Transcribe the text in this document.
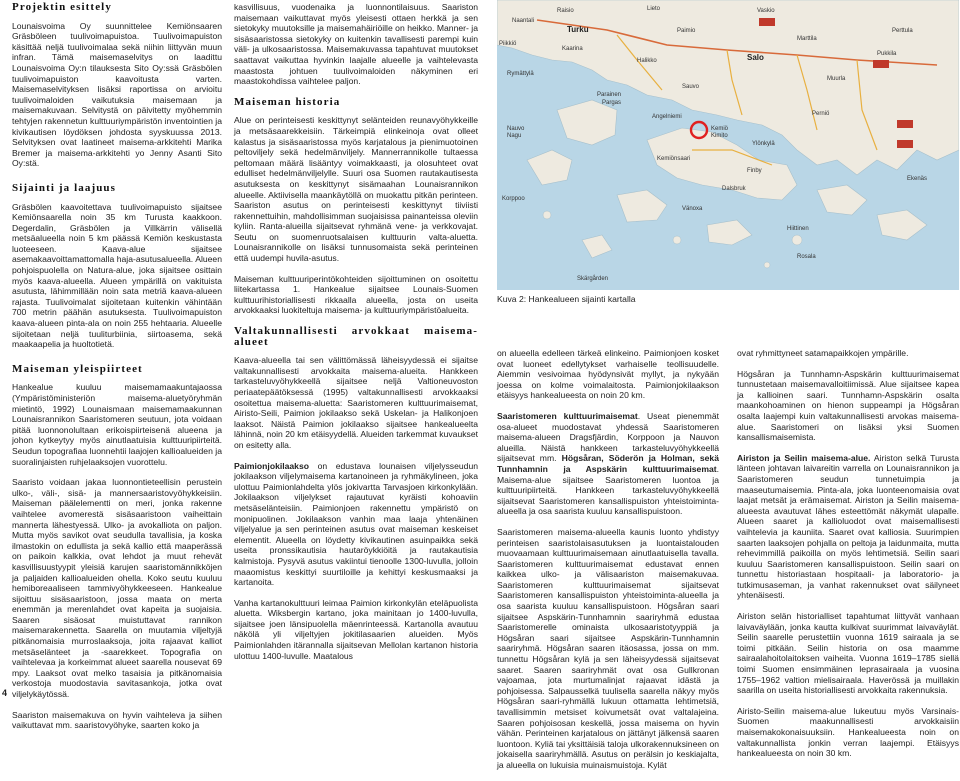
Projektin esittely

Lounaisvoima Oy suunnittelee Kemiönsaaren Gräsböleen tuulivoimapuistoa. Tuulivoimapuiston käsittää neljä tuulivoimalaa sekä niihin liittyvän muun infran. Tämä maisemaselvitys on laadittu Lounaisvoima Oy:n tilauksesta Sito Oy:ssä Gräsbölen tuulivoimapuiston kaavoitusta varten. Maisemaselvityksen lisäksi raportissa on arvioitu tuulivoimaloiden vaikutuksia maisemaan ja maisemakuvaan. Selvitystä on päivitetty myöhemmin tehtyjen rakennetun kulttuuriympäristön inventointien ja kivikautisen löydöksen johdosta syyskuussa 2013. Selvityksen ovat laatineet maisema-arkkitehti Marika Bremer ja maisema-arkkitehti yo Jenny Asanti Sito Oy:stä.

Sijainti ja laajuus

Gräsbölen kaavoitettava tuulivoimapuisto sijaitsee Kemiönsaarella noin 35 km Turusta kaakkoon. Degerdalin, Gräsbölen ja Villkärrin välisellä metsäalueella noin 5 km päässä Kemiön keskustasta luoteeseen. Kaava-alue sijaitsee asemakaavoittamattomalla haja-asutusalueella. Alueen pohjoispuolella on Natura-alue, joka sijaitsee osittain myös kaava-alueella. Alueen ympärillä on vakituista asutusta, lähimmillään noin sata metriä kaava-alueen rajasta. Tuulivoimalat sijoitetaan kuitenkin vähintään 700 metrin päähän asutuksesta. Tuulivoimapuiston kaava-alueen pinta-ala on noin 255 hehtaaria. Alueelle sijoitetaan neljä tuuliturbiinia, siirtoasema, sekä maakaapelia ja huoltotietä.

Maiseman yleispiirteet

Hankealue kuuluu maisemamaakuntajaossa (Ympäristöministeriön maisema-aluetyöryhmän mietintö, 1992) Lounaismaan maisemamaakunnan Lounaisrannikon Saaristomeren seutuun, jota voidaan pitää luonnonolultaan erikoispiirteisenä alueena ja johon kytkeytyy myös ainutlaatuisia kulttuuripiirteitä. Seudun topografiaa luonnehtii laajojen kallioalueiden ja suoralinjaisten ruhjelaaksojen vuorottelu.

Saaristo voidaan jakaa luonnontieteellisin perustein ulko-, väli-, sisä- ja mannersaaristovyöhykkeisiin. Maiseman päälelementti on meri, jonka rakenne vaihtelee avomerestä sisäsaaristoon vaiheittain mannerta lähestyessä. Ulko- ja avokalliota on paljon. Mutta myös savikot ovat seudulla tavallisia, ja koska ilmastokin on edullista ja sekä kallio että maaperässä on paikoin kalkkia, ovat lehdot ja muut rehevät kasvillisuustyypit yleisiä karujen saaristomännikköjen ja paljaiden kallioalueiden ohella. Koko seutu kuuluu hemiboreaaliseen tammivyöhykkeeseen. Hankealue sijoittuu sisäsaaristoon, jossa maata on merta enemmän ja merenlahdet ovat kapeita ja suojaisia. Saaren sisäosat muistuttavat rannikon maisemarakennetta. Saarella on muutamia viljeltyjä pitkänomaisia murroslaaksoja, joita rajaavat kalliot metsäselänteet ja -saarekkeet. Topografia on vaihtelevaa ja korkeimmat alueet saarella nousevat 69 mpy. Laaksot ovat melko tasaisia ja pitkänomaisia verkostoja muodostavia savitasankoja, jotka ovat viljelykäytössä.

Saariston maisemakuva on hyvin vaihteleva ja siihen vaikuttavat mm. saaristovyöhyke, saarten koko ja

kasvillisuus, vuodenaika ja luonnontilaisuus. Saariston maisemaan vaikuttavat myös yleisesti ottaen herkkä ja sen sietokyky muutoksille ja maisemahäiriöille on heikko. Manner- ja sisäsaaristossa sietokyky on kuitenkin tavallisesti parempi kuin väli- ja ulkosaaristossa. Maisemakuvassa tapahtuvat muutokset saattavat vaikuttaa hyvinkin laajalle alueelle ja vaihtelevasta maastosta johtuen tuulivoimaloiden näkyminen eri maastokohdissa vaihtelee paljon.

Maiseman historia

Alue on perinteisesti keskittynyt selänteiden reunavyöhykkeille ja metsäsaarekkeisiin. Tärkeimpiä elinkeinoja ovat olleet kalastus ja sisäsaaristossa myös karjatalous ja pienimuotoinen peltoviljely sekä hedelmänviljely. Mannerrannikolle tultaessa peltomaan määrä lisääntyy voimakkaasti, ja olosuhteet ovat edulliset hedelmänviljelylle. Suuri osa Suomen rautakautisesta asutuksesta on keskittynyt sisämaahan Lounaisrannikon alueelle. Aktiivisella maankäytöllä on muokattu pitkän perinteen. Saariston asutus on perinteisesti keskittynyt tiiviisti rakennettuihin, mahdollisimman suojaisissa painanteissa oleviin kyliin. Ranta-alueilla sijaitsevat ryhmänä vene- ja verkkovajat. Seutu on suomenruotsalaisen kulttuurin valta-aluetta. Lounaisrannikolle on lisäksi tunnusomaista sekä perinteinen että uudempi huvila-asutus.

Maiseman kulttuuriperintökohteiden sijoittuminen on osoitettu liitekartassa 1. Hankealue sijaitsee Lounais-Suomen kulttuurihistoriallisesti rikkaalla alueella, josta on useita arvokkaaksi luokiteltuja maisema- ja kulttuuriympäristöalueita.

Valtakunnallisesti arvokkaat maisema-alueet

Kaava-alueella tai sen välittömässä läheisyydessä ei sijaitse valtakunnallisesti arvokkaita maisema-alueita. Hankkeen tarkasteluvyöhykkeellä sijaitsee neljä Valtioneuvoston periaatepäätöksessä (1995) valtakunnallisesti arvokkaaksi osoitettua maisema-aluetta: Saaristomeren kulttuurimaisemat, Airisto-Seili, Paimion jokilaakso sekä Uskelan- ja Halikonjoen laaksot. Näistä Paimion jokilaakso sijaitsee hankealueelta lähinnä, noin 20 km etäisyydellä. Alueiden tarkemmat kuvaukset on esitetty alla.

Paimionjokilaakso on edustava lounaisen viljelysseudun jokilaakson viljelymaisema kartanoineen ja ryhmäkylineen, joka ulottuu Paimionlahdelta ylös jokivartta Tarvasjoen kirkonkylään. Jokilaakson viljelykset rajautuvat kyräisti kohoaviin metsäselänteisiin. Paimionjoen rakennettu ympäristö on monipuolinen. Jokilaakson vanhin maa laaja yhtenäinen viljelyalue ja sen perinteinen asutus ovat maiseman keskeiset elementit. Alueella on löydetty kivikautinen asuinpaikka sekä useita pronssikautisia hautaröykkiöitä ja rautakautisia kalmistoja. Pysyvä asutus vakiintui tienoolle 1300-luvulla, jolloin maaomistus keskittyi suurtiloille ja kehittyi keskusmaaksi ja kartanoita.

Vanha kartanokulttuuri leimaa Paimion kirkonkylän eteläpuolista aluetta. Wiksbergin kartano, joka mainitaan jo 1400-luvulla, sijaitsee joen länsipuolella mäenrinteessä. Kartanolla avautuu näkölä yli viljeltyjen jokitilasaarien alueiden. Myös Paimionlahden itärannalla sijaitsevan Mellolan kartanon historia ulottuu 1400-luvulle. Maatalous

Raisio	Lieto
Naantali
Vaskio
Piikkiö
Turku	Paimio
Marttila
Kaarina
Halikko
Perttula
Salo	Pukkila
Muurla
Sauvo
Rymättylä
Parainen
Pargas
Kemiö
Kimito
Perniö
Ylönkylä
Finby
Dalsbruk
Nauvo
Nagu
Korppoo
Vänoxa
Hiittinen
Rosala
Angelniemi
Kemiönsaari
Ekenäs
Skärgården
Kuva 2: Hankealueen sijainti kartalla

on alueella edelleen tärkeä elinkeino. Paimionjoen kosket ovat luoneet edellytykset varhaiselle teollisuudelle. Aiemmin vesivoimaa hyödynsivät myllyt, ja nykyään joessa on kolme voimalaitosta. Paimionjokilaakson etäisyys hankealueesta on noin 20 km.

Saaristomeren kulttuurimaisemat. Useat pienemmät osa-alueet muodostavat yhdessä Saaristomeren maisema-alueen Dragsfjärdin, Korppoon ja Nauvon alueilla. Näistä hankkeen tarkasteluvyöhykkeellä sijaitsevat mm. Högsåran, Söderön ja Holman, sekä Tunnhamnin ja Aspskärin kulttuurimaisemat. Maisema-alue sijaitsee Saaristomeren luontoa ja kulttuuripiirteitä. Hankkeen tarkasteluvyöhykkeellä sijaitsevat Saaristomeren kansallispuiston yhteistoiminta-alueella ja osa saarista kuuluu kansallispuistoon.

Saaristomeren maisema-alueella kaunis luonto yhdistyy perinteisen saaristolaisasutuksen ja luontaistalouden muovaamaan kulttuurimaisemaan ainutlaatuisella tavalla. Saaristomeren kulttuurimaisemat edustavat ennen kaikkea ulko- ja välisaariston maisemakuvaa. Saaristomeren kulttuurimaisemat sijaitsevat Saaristomeren kansallispuiston yhteistoiminta-alueella ja osa saarista kuuluu kansallispuistoon. Högsåran saari sijaitsee Aspskärin-Tunnhamnin saariryhmä edustaa Saaristomerelle ominaista ulkosaaristotyyppiä ja Högsåran saari sijaitsee Aspskärin-Tunnhamnin saariryhmä. Högsåran saaren itäosassa, jossa on mm. tunnettu Högsåran kylä ja sen läheisyydessä sijaitsevat saaret. Saaren saariryhmät ovat osa Gullkronan vajoamaa, jota murtumalinjat rajaavat idästä ja pohjoisessa. Salpausselkä tuulisella saarella näkyy myös Högsåran saari-ryhmällä lukuun ottamatta lehtimetsiä, tavallisimmin metsiset koivumetsät ovat valtalajeina. Saaren pohjoisosan keskellä, jossa maisema on hyvin vähän. Perinteinen karjatalous on jättänyt jälkensä saaren luontoon. Kyliä tai yksittäisiä taloja ulkorakennuksineen on jokaisella saariryhmällä. Asutus on perälsin jo keskiajalta, ja alueella on lukuisia muinaismuistoja. Kylät

ovat ryhmittyneet satamapaikkojen ympärille.

Högsåran ja Tunnhamn-Aspskärin kulttuurimaisemat tunnustetaan maisemavalloitiimissä. Alue sijaitsee kapea ja kallioinen saari. Tunnhamn-Aspskärin osalta maankohoaminen on hienon suppeampi ja Högsåran osalta laajempi kuin valtakunnallisesti arvokas maisema-alue. Saaristomeri on lisäksi yksi Suomen kansallismaisemista.

Airiston ja Seilin maisema-alue. Airiston selkä Turusta länteen johtavan laivareitin varrella on Lounaisrannikon ja Saaristomeren seudun tunnetuimpia ja maaseutumaisemia. Pinta-ala, joka luonteenomaisia ovat laajat metsät ja erämaisemat. Airiston ja Seilin maisema-alueesta avautuvat lähes esteettömät näkymät ulapalle. Alueen saaret ja kallioluodot ovat maisemallisesti vaihtelevia ja kauniita. Saaret ovat kalliosia. Suurimpien saarten laaksojen pohjalla on peltoja ja laidunmaita, mutta rehevimmillä paikoilla on myös lehtimetsiä. Seilin saari kuuluu Saaristomeren kansallispuistoon. Seilin saari on tunnettu historiastaan hospitaali- ja laboratorio- ja tutkimusaseman, ja vanhat rakennukset ovat säilyneet yhtenäisesti.

Airiston selän historialliset tapahtumat liittyvät vanhaan laivaväylään, jonka kautta kulkivat suurimmat laivaväylät. Seilin saarelle perustettiin vuonna 1619 sairaala ja se toimi pitkään. Seilin historia on osa maamme sairaalahoitolaitoksen vaiheita. Vuonna 1619–1785 siellä toimi Suomen ensimmäinen leprasairaala ja vuosina 1755–1962 valtion mielisairaala. Haverössä ja muillakin saarilla on useita historiallisesti arvokkaita rakennuksia.

Airisto-Seilin maisema-alue lukeutuu myös Varsinais-Suomen maakunnallisesti arvokkaisiin maisemakokonaisuuksiin. Hankealueesta noin on valtakunnallista jonkin verran laajempi. Etäisyys hankealueesta on noin 30 km.

4
